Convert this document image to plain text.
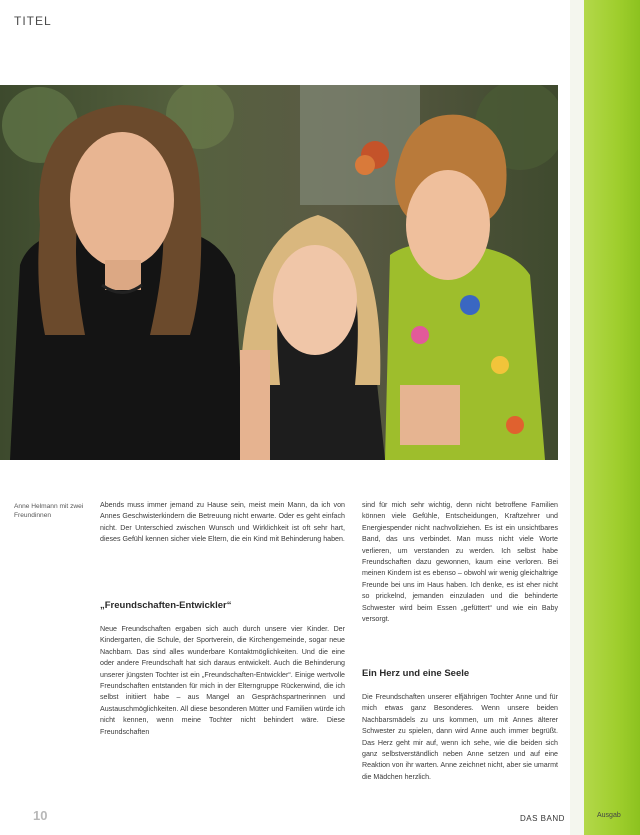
TITEL
Anne Helmann mit zwei Freundinnen

Abends muss immer jemand zu Hause sein, meist mein Mann, da ich von Annes Geschwisterkindern die Betreuung nicht erwarte. Oder es geht einfach nicht. Der Unterschied zwischen Wunsch und Wirklichkeit ist oft sehr hart, dieses Gefühl kennen sicher viele Eltern, die ein Kind mit Behinderung haben.

„Freundschaften-Entwickler“

Neue Freundschaften ergaben sich auch durch unsere vier Kinder. Der Kindergarten, die Schule, der Sportverein, die Kirchengemeinde, sogar neue Nachbarn. Das sind alles wunderbare Kontaktmöglichkeiten. Und die eine oder andere Freundschaft hat sich daraus entwickelt. Auch die Behinderung unserer jüngsten Tochter ist ein „Freundschaften-Entwickler“. Einige wertvolle Freundschaften entstanden für mich in der Elterngruppe Rückenwind, die ich selbst initiiert habe – aus Mangel an Gesprächspartnerinnen und Austauschmöglichkeiten. All diese besonderen Mütter und Familien würde ich nicht kennen, wenn meine Tochter nicht behindert wäre. Diese Freundschaften

sind für mich sehr wichtig, denn nicht betroffene Familien können viele Gefühle, Entscheidungen, Kraftzehrer und Energiespender nicht nachvollziehen. Es ist ein unsichtbares Band, das uns verbindet. Man muss nicht viele Worte verlieren, um verstanden zu werden. Ich selbst habe Freundschaften dazu gewonnen, kaum eine verloren. Bei meinen Kindern ist es ebenso – obwohl wir wenig gleichaltrige Freunde bei uns im Haus haben. Ich denke, es ist eher nicht so prickelnd, jemanden einzuladen und die behinderte Schwester wird beim Essen „gefüttert“ und wie ein Baby versorgt.

Ein Herz und eine Seele

Die Freundschaften unserer elfjährigen Tochter Anne und für mich etwas ganz Besonderes. Wenn unsere beiden Nachbarsmädels zu uns kommen, um mit Annes älterer Schwester zu spielen, dann wird Anne auch immer begrüßt. Das Herz geht mir auf, wenn ich sehe, wie die beiden sich ganz selbstverständlich neben Anne setzen und auf eine Reaktion von ihr warten. Anne zeichnet nicht, aber sie umarmt die Mädchen herzlich.

10	DAS BAND	Ausgab
